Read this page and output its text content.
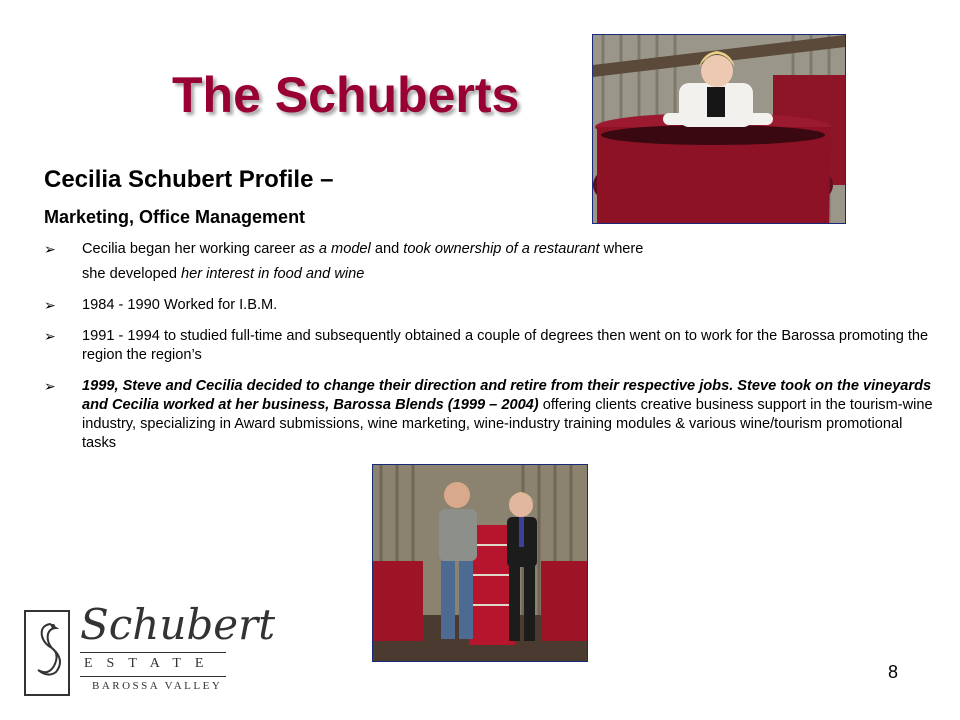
The Schuberts
Cecilia Schubert Profile –
Marketing, Office Management
➢ Cecilia began her working career as a model and took ownership of a restaurant where
she developed her interest in food and wine
➢ 1984 - 1990 Worked for I.B.M.
➢ 1991 - 1994 to studied full-time and subsequently obtained a couple of degrees then went on to work for the Barossa promoting the region the region’s
➢ 1999, Steve and Cecilia decided to change their direction and retire from their respective jobs. Steve took on the vineyards and Cecilia worked at her business, Barossa Blends (1999 – 2004) offering clients creative business support in the tourism-wine industry, specializing in Award submissions, wine marketing, wine-industry training modules & various wine/tourism promotional tasks
Schubert
ESTATE
BAROSSA VALLEY
8
